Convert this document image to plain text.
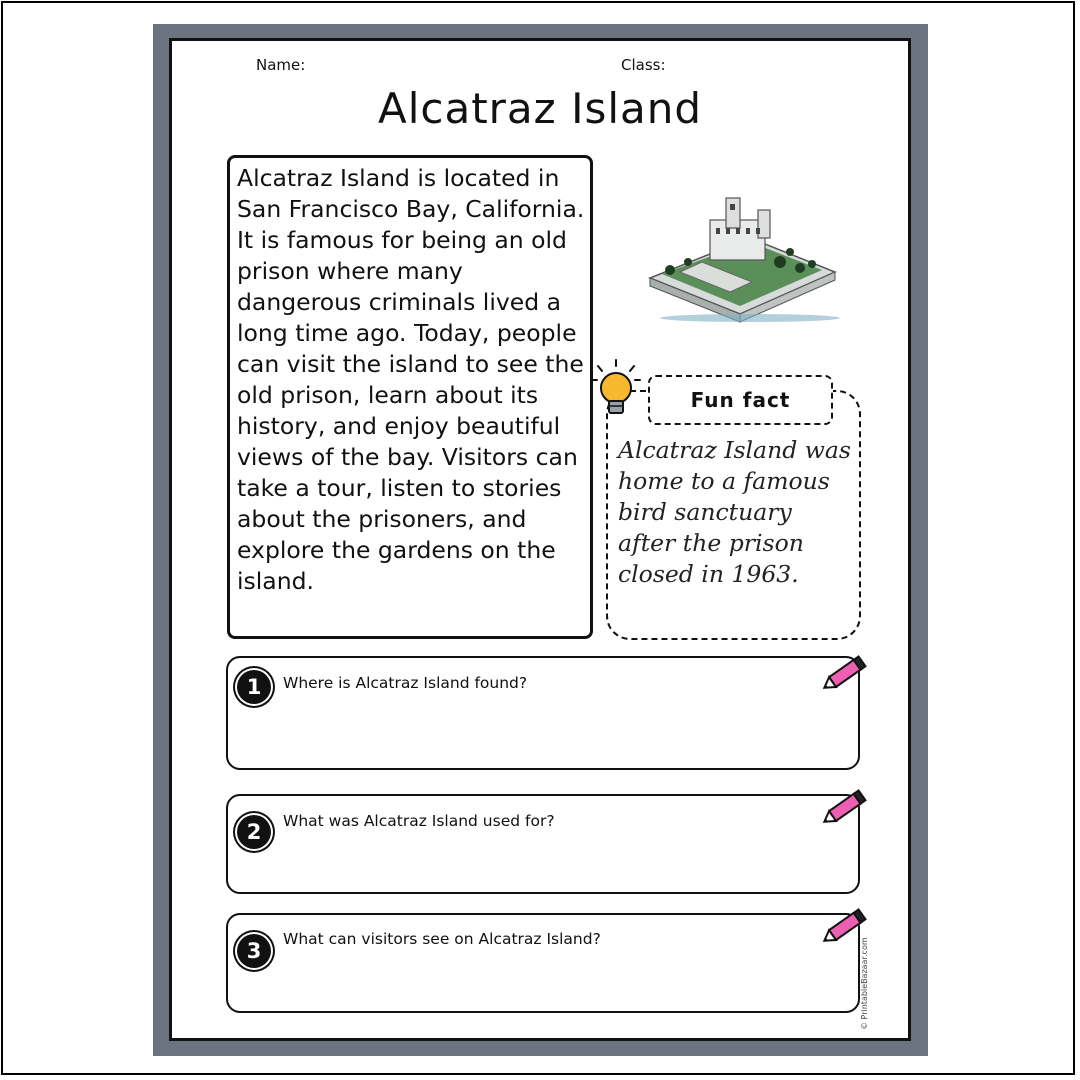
Name:	Class:
Alcatraz Island

Alcatraz Island is located in San Francisco Bay, California. It is famous for being an old prison where many dangerous criminals lived a long time ago. Today, people can visit the island to see the old prison, learn about its history, and enjoy beautiful views of the bay. Visitors can take a tour, listen to stories about the prisoners, and explore the gardens on the island.

Fun fact

Alcatraz Island was home to a famous bird sanctuary after the prison closed in 1963.

1	Where is Alcatraz Island found?
2	What was Alcatraz Island used for?
3	What can visitors see on Alcatraz Island?	© PrintableBazaar.com
